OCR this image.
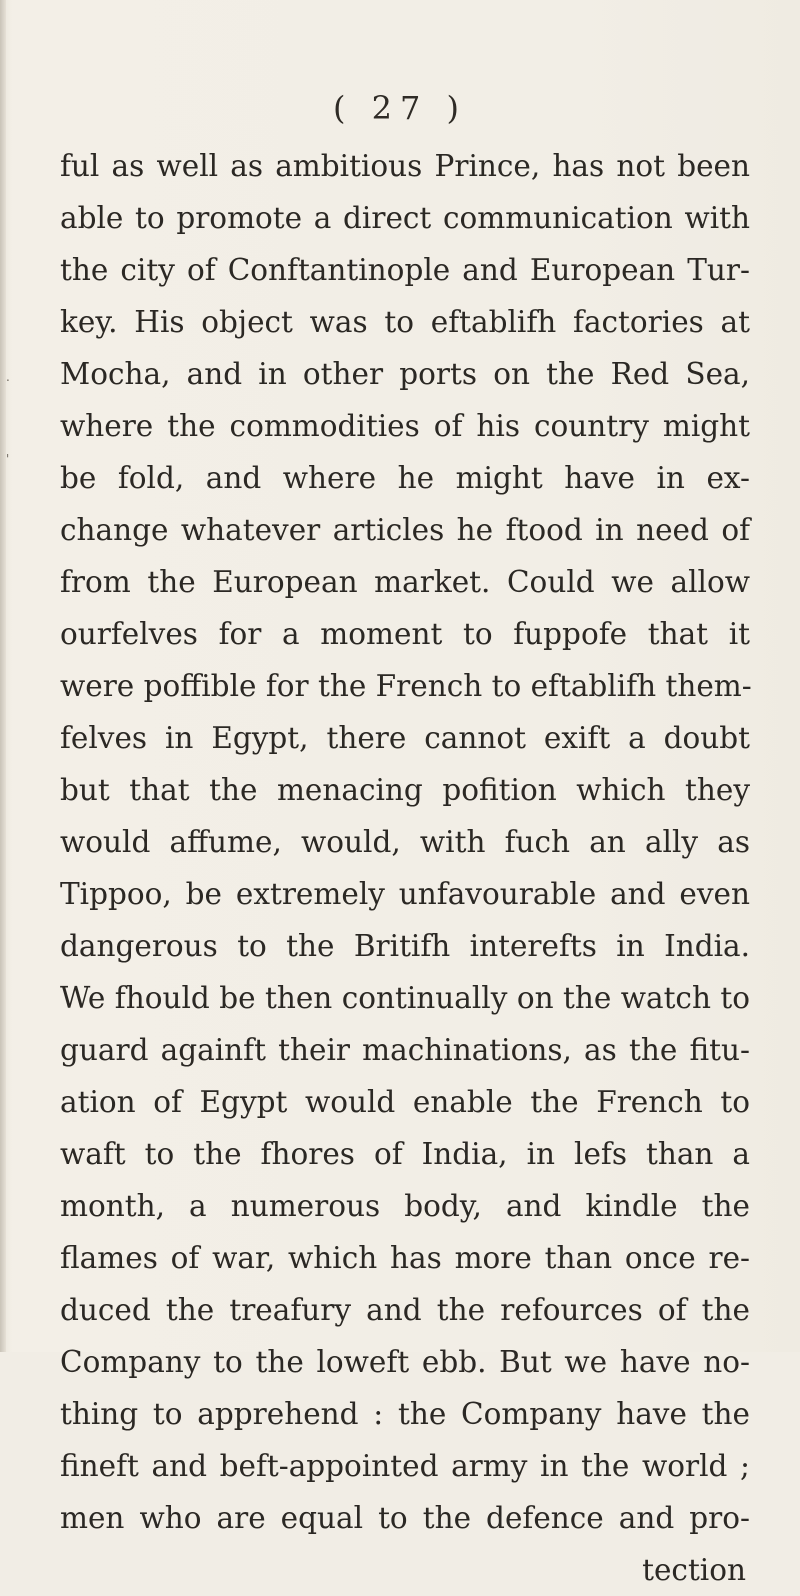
.
'
( 27 )
ful as well as ambitious Prince, has not been
able to promote a direct communication with
the city of Conftantinople and European Tur-
key. His object was to eftablifh factories at
Mocha, and in other ports on the Red Sea,
where the commodities of his country might
be fold, and where he might have in ex-
change whatever articles he ftood in need of
from the European market. Could we allow
ourfelves for a moment to fuppofe that it
were poffible for the French to eftablifh them-
felves in Egypt, there cannot exift a doubt
but that the menacing pofition which they
would affume, would, with fuch an ally as
Tippoo, be extremely unfavourable and even
dangerous to the Britifh interefts in India.
We fhould be then continually on the watch to
guard againft their machinations, as the fitu-
ation of Egypt would enable the French to
waft to the fhores of India, in lefs than a
month, a numerous body, and kindle the
flames of war, which has more than once re-
duced the treafury and the refources of the
Company to the loweft ebb. But we have no-
thing to apprehend : the Company have the
fineft and beft-appointed army in the world ;
men who are equal to the defence and pro-
tection
